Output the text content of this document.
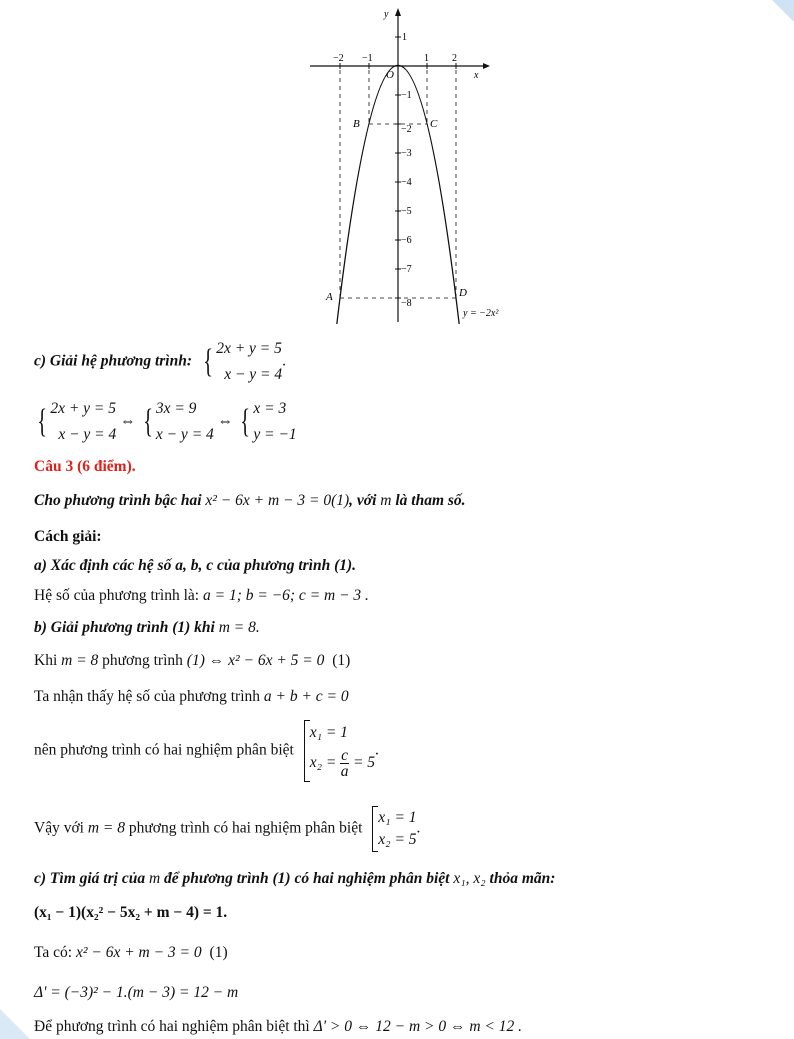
y
x
O
−2 −1	1 2
1
−1
−2
−3
−4
−5
−6
−7
−8
A
B	C
D
y = −2x²
c) Giải hệ phương trình: { 2x + y = 5
x − y = 4.
{ 2x + y = 5
x − y = 4 ⇔ { 3x = 9
x − y = 4 ⇔ { x = 3
y = −1
Câu 3 (6 điểm).
Cho phương trình bậc hai x² − 6x + m − 3 = 0(1), với m là tham số.
Cách giải:
a) Xác định các hệ số a, b, c của phương trình (1).
Hệ số của phương trình là: a = 1; b = −6; c = m − 3 .
b) Giải phương trình (1) khi m = 8.
Khi m = 8 phương trình (1) ⇔ x² − 6x + 5 = 0 (1)
Ta nhận thấy hệ số của phương trình a + b + c = 0
nên phương trình có hai nghiệm phân biệt x₁ = 1
$x_2 = \frac{c}{a} = 5$.
Vậy với m = 8 phương trình có hai nghiệm phân biệt x₁ = 1
x₂ = 5.
c) Tìm giá trị của m để phương trình (1) có hai nghiệm phân biệt x₁, x₂ thỏa mãn:
(x₁ − 1)(x₂² − 5x₂ + m − 4) = 1.
Ta có: x² − 6x + m − 3 = 0 (1)
Δ' = (−3)² − 1.(m − 3) = 12 − m
Để phương trình có hai nghiệm phân biệt thì Δ' > 0 ⇔ 12 − m > 0 ⇔ m < 12 .
